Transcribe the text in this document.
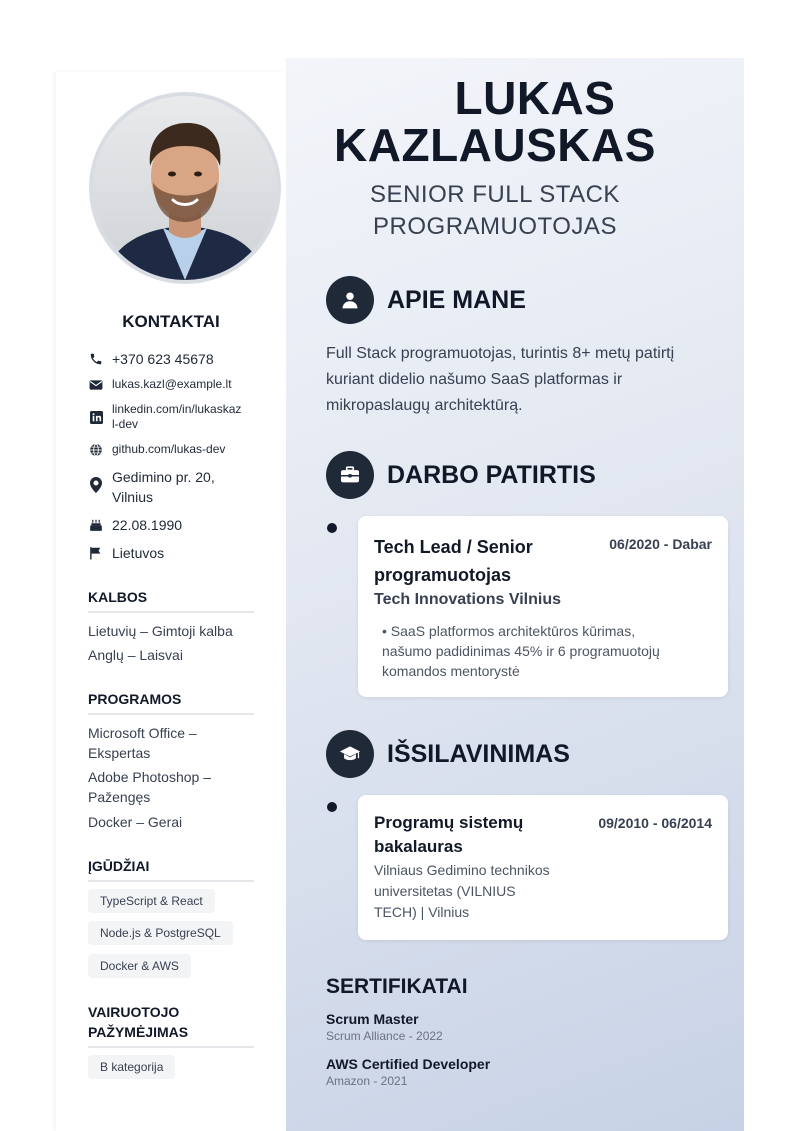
KONTAKTAI
+370 623 45678
lukas.kazl@example.lt
linkedin.com/in/lukaskaz
l-dev
github.com/lukas-dev
Gedimino pr. 20,
Vilnius
22.08.1990
Lietuvos
KALBOS
Lietuvių – Gimtoji kalba
Anglų – Laisvai
PROGRAMOS
Microsoft Office –
Ekspertas
Adobe Photoshop –
Pažengęs
Docker – Gerai
ĮGŪDŽIAI
TypeScript & React
Node.js & PostgreSQL
Docker & AWS
VAIRUOTOJO
PAŽYMĖJIMAS
B kategorija
LUKAS
KAZLAUSKAS
SENIOR FULL STACK
PROGRAMUOTOJAS
APIE MANE
Full Stack programuotojas, turintis 8+ metų patirtį
kuriant didelio našumo SaaS platformas ir
mikropaslaugų architektūrą.
DARBO PATIRTIS
Tech Lead / Senior
programuotojas
06/2020 - Dabar
Tech Innovations Vilnius
• SaaS platformos architektūros kūrimas,
našumo padidinimas 45% ir 6 programuotojų
komandos mentorystė
IŠSILAVINIMAS
Programų sistemų
bakalauras
09/2010 - 06/2014
Vilniaus Gedimino technikos
universitetas (VILNIUS
TECH) | Vilnius
SERTIFIKATAI
Scrum Master
Scrum Alliance - 2022
AWS Certified Developer
Amazon - 2021
